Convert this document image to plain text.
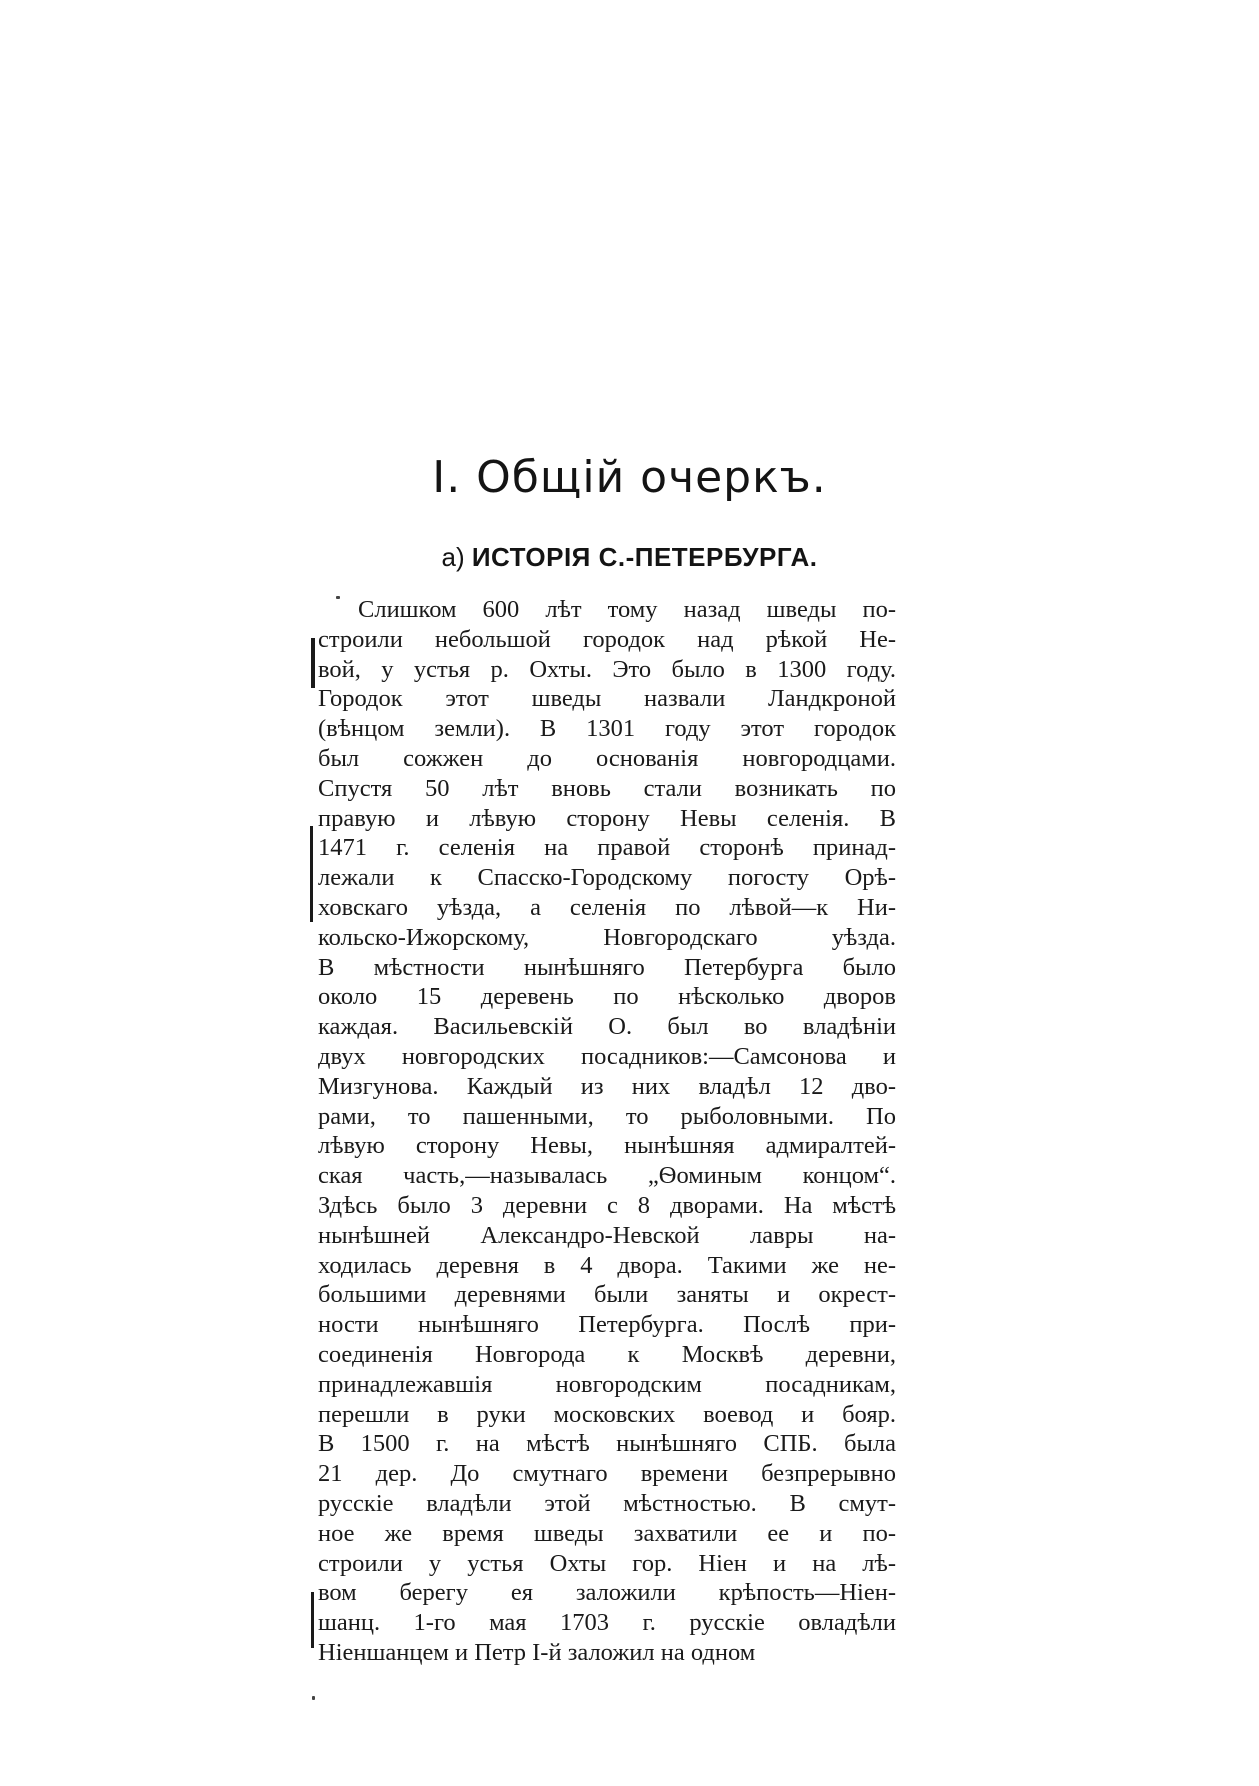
I. Общій очеркъ.
а) ИСТОРІЯ С.-ПЕТЕРБУРГА.
Слишком 600 лѣт тому назад шведы по-
строили небольшой городок над рѣкой Не-
вой, у устья р. Охты. Это было в 1300 году.
Городок этот шведы назвали Ландкроной
(вѣнцом земли). В 1301 году этот городок
был сожжен до основанія новгородцами.
Спустя 50 лѣт вновь стали возникать по
правую и лѣвую сторону Невы селенія. В
1471 г. селенія на правой сторонѣ принад-
лежали к Спасско-Городскому погосту Орѣ-
ховскаго уѣзда, а селенія по лѣвой—к Ни-
кольско-Ижорскому, Новгородскаго уѣзда.
В мѣстности нынѣшняго Петербурга было
около 15 деревень по нѣсколько дворов
каждая. Васильевскій О. был во владѣніи
двух новгородских посадников:—Самсонова и
Мизгунова. Каждый из них владѣл 12 дво-
рами, то пашенными, то рыболовными. По
лѣвую сторону Невы, нынѣшняя адмиралтей-
ская часть,—называлась „Ѳоминым концом“.
Здѣсь было 3 деревни с 8 дворами. На мѣстѣ
нынѣшней Александро-Невской лавры на-
ходилась деревня в 4 двора. Такими же не-
большими деревнями были заняты и окрест-
ности нынѣшняго Петербурга. Послѣ при-
соединенія Новгорода к Москвѣ деревни,
принадлежавшія новгородским посадникам,
перешли в руки московских воевод и бояр.
В 1500 г. на мѣстѣ нынѣшняго СПБ. была
21 дер. До смутнаго времени безпрерывно
русскіе владѣли этой мѣстностью. В смут-
ное же время шведы захватили ее и по-
строили у устья Охты гор. Ніен и на лѣ-
вом берегу ея заложили крѣпость—Ніен-
шанц. 1-го мая 1703 г. русскіе овладѣли
Ніеншанцем и Петр I-й заложил на одном
